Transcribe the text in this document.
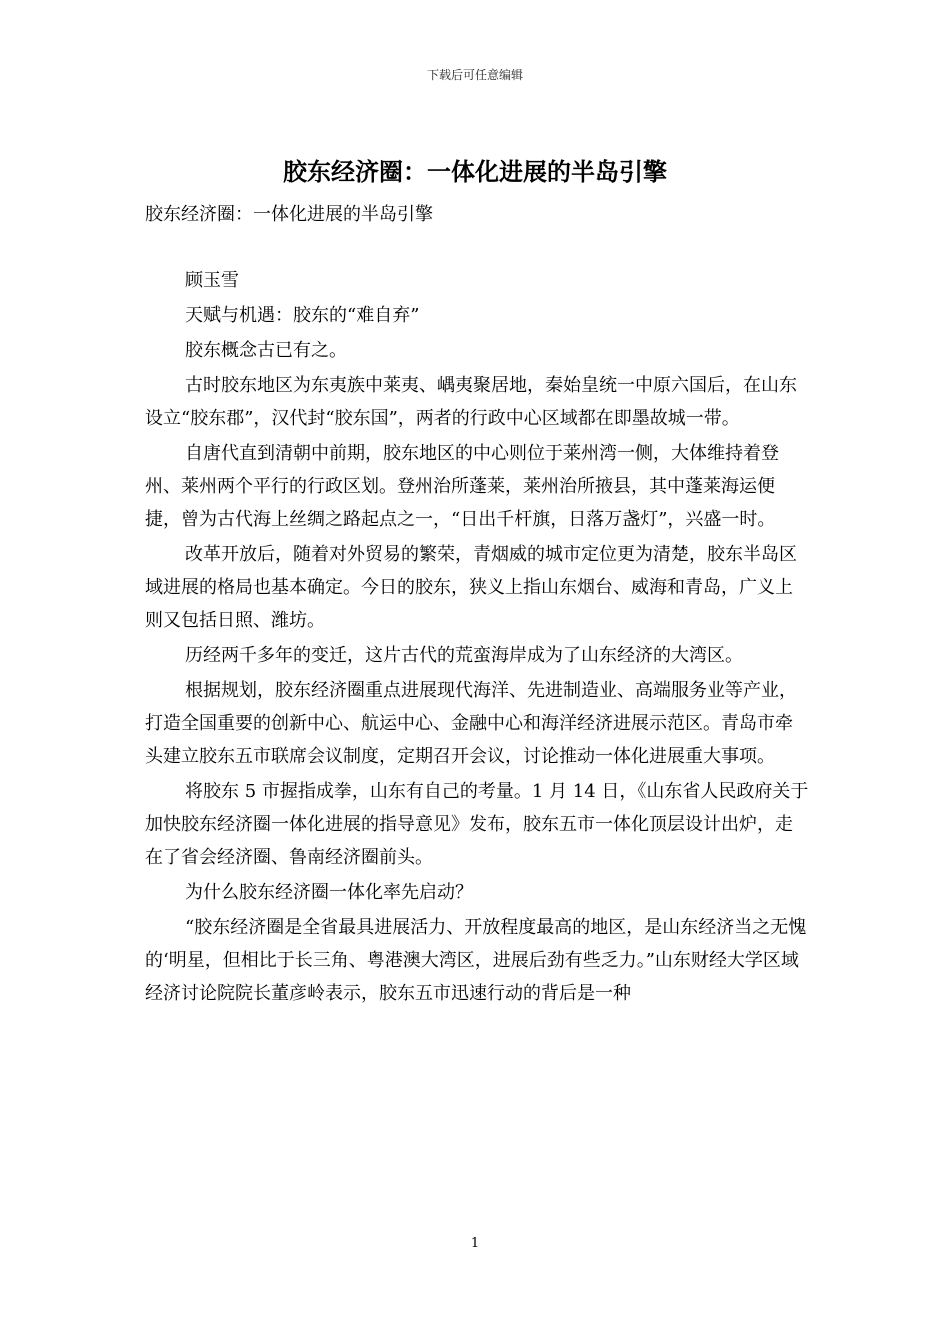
下载后可任意编辑
胶东经济圈：一体化进展的半岛引擎

胶东经济圈：一体化进展的半岛引擎

顾玉雪

天赋与机遇：胶东的“难自弃”

胶东概念古已有之。

古时胶东地区为东夷族中莱夷、嵎夷聚居地，秦始皇统一中原六国后，在山东设立“胶东郡”，汉代封“胶东国”，两者的行政中心区域都在即墨故城一带。

自唐代直到清朝中前期，胶东地区的中心则位于莱州湾一侧，大体维持着登州、莱州两个平行的行政区划。登州治所蓬莱，莱州治所掖县，其中蓬莱海运便捷，曾为古代海上丝绸之路起点之一，“日出千杆旗，日落万盏灯”，兴盛一时。

改革开放后，随着对外贸易的繁荣，青烟威的城市定位更为清楚，胶东半岛区域进展的格局也基本确定。今日的胶东，狭义上指山东烟台、威海和青岛，广义上则又包括日照、潍坊。

历经两千多年的变迁，这片古代的荒蛮海岸成为了山东经济的大湾区。

根据规划，胶东经济圈重点进展现代海洋、先进制造业、高端服务业等产业，打造全国重要的创新中心、航运中心、金融中心和海洋经济进展示范区。青岛市牵头建立胶东五市联席会议制度，定期召开会议，讨论推动一体化进展重大事项。

将胶东 5 市握指成拳，山东有自己的考量。1 月 14 日，《山东省人民政府关于加快胶东经济圈一体化进展的指导意见》发布，胶东五市一体化顶层设计出炉，走在了省会经济圈、鲁南经济圈前头。

为什么胶东经济圈一体化率先启动？

“胶东经济圈是全省最具进展活力、开放程度最高的地区，是山东经济当之无愧的‘明星，但相比于长三角、粤港澳大湾区，进展后劲有些乏力。”山东财经大学区域经济讨论院院长董彦岭表示，胶东五市迅速行动的背后是一种

1
